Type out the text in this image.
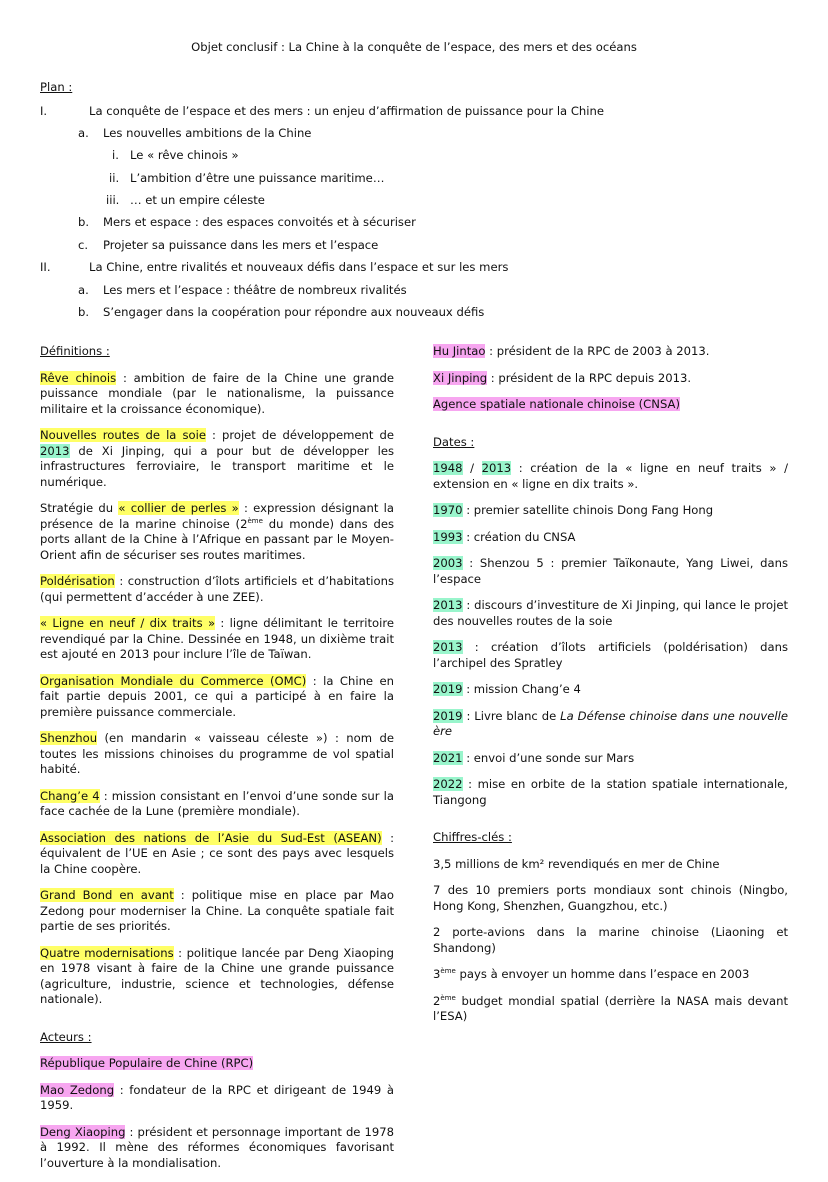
Objet conclusif : La Chine à la conquête de l’espace, des mers et des océans
Plan :
I.	La conquête de l’espace et des mers : un enjeu d’affirmation de puissance pour la Chine
a. Les nouvelles ambitions de la Chine
i. Le « rêve chinois »
ii. L’ambition d’être une puissance maritime…
iii. … et un empire céleste
b. Mers et espace : des espaces convoités et à sécuriser
c. Projeter sa puissance dans les mers et l’espace
II.	La Chine, entre rivalités et nouveaux défis dans l’espace et sur les mers
a. Les mers et l’espace : théâtre de nombreux rivalités
b. S’engager dans la coopération pour répondre aux nouveaux défis
Définitions :
Rêve chinois : ambition de faire de la Chine une grande puissance mondiale (par le nationalisme, la puissance militaire et la croissance économique).
Nouvelles routes de la soie : projet de développement de 2013 de Xi Jinping, qui a pour but de développer les infrastructures ferroviaire, le transport maritime et le numérique.
Stratégie du « collier de perles » : expression désignant la présence de la marine chinoise (2ème du monde) dans des ports allant de la Chine à l’Afrique en passant par le Moyen-Orient afin de sécuriser ses routes maritimes.
Poldérisation : construction d’îlots artificiels et d’habitations (qui permettent d’accéder à une ZEE).
« Ligne en neuf / dix traits » : ligne délimitant le territoire revendiqué par la Chine. Dessinée en 1948, un dixième trait est ajouté en 2013 pour inclure l’île de Taïwan.
Organisation Mondiale du Commerce (OMC) : la Chine en fait partie depuis 2001, ce qui a participé à en faire la première puissance commerciale.
Shenzhou (en mandarin « vaisseau céleste ») : nom de toutes les missions chinoises du programme de vol spatial habité.
Chang’e 4 : mission consistant en l’envoi d’une sonde sur la face cachée de la Lune (première mondiale).
Association des nations de l’Asie du Sud-Est (ASEAN) : équivalent de l’UE en Asie ; ce sont des pays avec lesquels la Chine coopère.
Grand Bond en avant : politique mise en place par Mao Zedong pour moderniser la Chine. La conquête spatiale fait partie de ses priorités.
Quatre modernisations : politique lancée par Deng Xiaoping en 1978 visant à faire de la Chine une grande puissance (agriculture, industrie, science et technologies, défense nationale).
Acteurs :
République Populaire de Chine (RPC)
Mao Zedong : fondateur de la RPC et dirigeant de 1949 à 1959.
Deng Xiaoping : président et personnage important de 1978 à 1992. Il mène des réformes économiques favorisant l’ouverture à la mondialisation.
Hu Jintao : président de la RPC de 2003 à 2013.
Xi Jinping : président de la RPC depuis 2013.
Agence spatiale nationale chinoise (CNSA)
Dates :
1948 / 2013 : création de la « ligne en neuf traits » / extension en « ligne en dix traits ».
1970 : premier satellite chinois Dong Fang Hong
1993 : création du CNSA
2003 : Shenzou 5 : premier Taïkonaute, Yang Liwei, dans l’espace
2013 : discours d’investiture de Xi Jinping, qui lance le projet des nouvelles routes de la soie
2013 : création d’îlots artificiels (poldérisation) dans l’archipel des Spratley
2019 : mission Chang’e 4
2019 : Livre blanc de La Défense chinoise dans une nouvelle ère
2021 : envoi d’une sonde sur Mars
2022 : mise en orbite de la station spatiale internationale, Tiangong
Chiffres-clés :
3,5 millions de km² revendiqués en mer de Chine
7 des 10 premiers ports mondiaux sont chinois (Ningbo, Hong Kong, Shenzhen, Guangzhou, etc.)
2 porte-avions dans la marine chinoise (Liaoning et Shandong)
3ème pays à envoyer un homme dans l’espace en 2003
2ème budget mondial spatial (derrière la NASA mais devant l’ESA)
